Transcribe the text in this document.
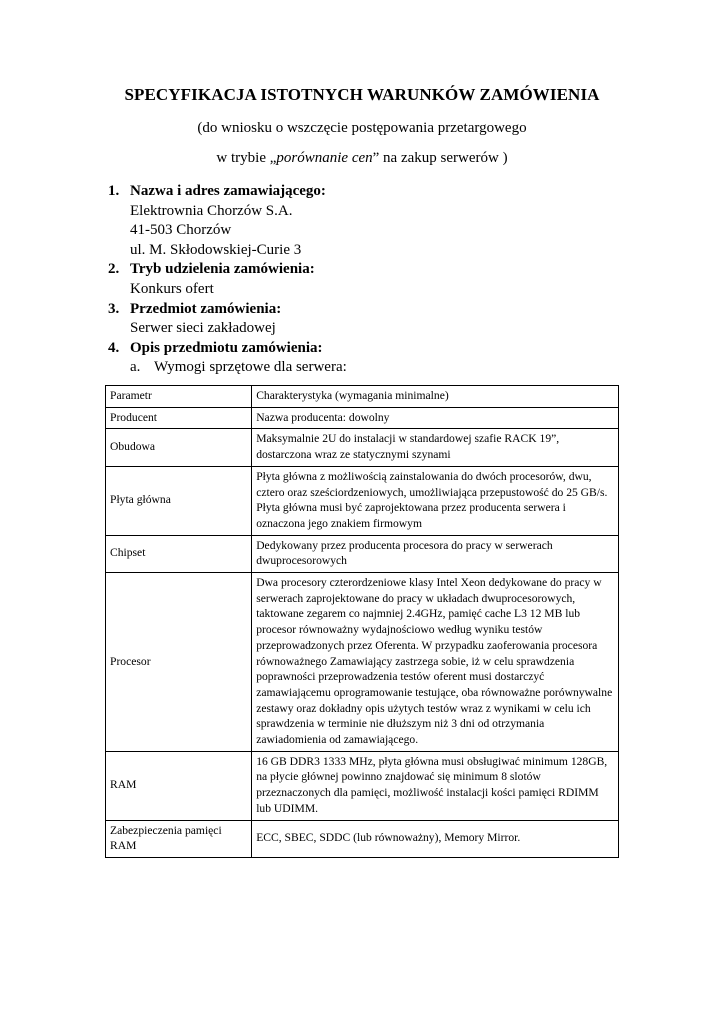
SPECYFIKACJA ISTOTNYCH WARUNKÓW ZAMÓWIENIA
(do wniosku o wszczęcie postępowania przetargowego
w trybie „porównanie cen” na zakup serwerów )
1. Nazwa i adres zamawiającego:
Elektrownia Chorzów S.A.
41-503 Chorzów
ul. M. Skłodowskiej-Curie 3
2. Tryb udzielenia zamówienia:
Konkurs ofert
3. Przedmiot zamówienia:
Serwer sieci zakładowej
4. Opis przedmiotu zamówienia:
a. Wymogi sprzętowe dla serwera:
Parametr	Charakterystyka (wymagania minimalne)
Producent	Nazwa producenta: dowolny
Obudowa	Maksymalnie 2U do instalacji w standardowej szafie RACK 19”, dostarczona wraz ze statycznymi szynami
Płyta główna	Płyta główna z możliwością zainstalowania do dwóch procesorów, dwu, cztero oraz sześciordzeniowych, umożliwiająca przepustowość do 25 GB/s. Płyta główna musi być zaprojektowana przez producenta serwera i oznaczona jego znakiem firmowym
Chipset	Dedykowany przez producenta procesora do pracy w serwerach dwuprocesorowych
Procesor	Dwa procesory czterordzeniowe klasy Intel Xeon dedykowane do pracy w serwerach zaprojektowane do pracy w układach dwuprocesorowych, taktowane zegarem co najmniej 2.4GHz, pamięć cache L3 12 MB lub procesor równoważny wydajnościowo według wyniku testów przeprowadzonych przez Oferenta. W przypadku zaoferowania procesora równoważnego Zamawiający zastrzega sobie, iż w celu sprawdzenia poprawności przeprowadzenia testów oferent musi dostarczyć zamawiającemu oprogramowanie testujące, oba równoważne porównywalne zestawy oraz dokładny opis użytych testów wraz z wynikami w celu ich sprawdzenia w terminie nie dłuższym niż 3 dni od otrzymania zawiadomienia od zamawiającego.
RAM	16 GB DDR3 1333 MHz, płyta główna musi obsługiwać minimum 128GB, na płycie głównej powinno znajdować się minimum 8 slotów przeznaczonych dla pamięci, możliwość instalacji kości pamięci RDIMM lub UDIMM.
Zabezpieczenia pamięci RAM	ECC, SBEC, SDDC (lub równoważny), Memory Mirror.
